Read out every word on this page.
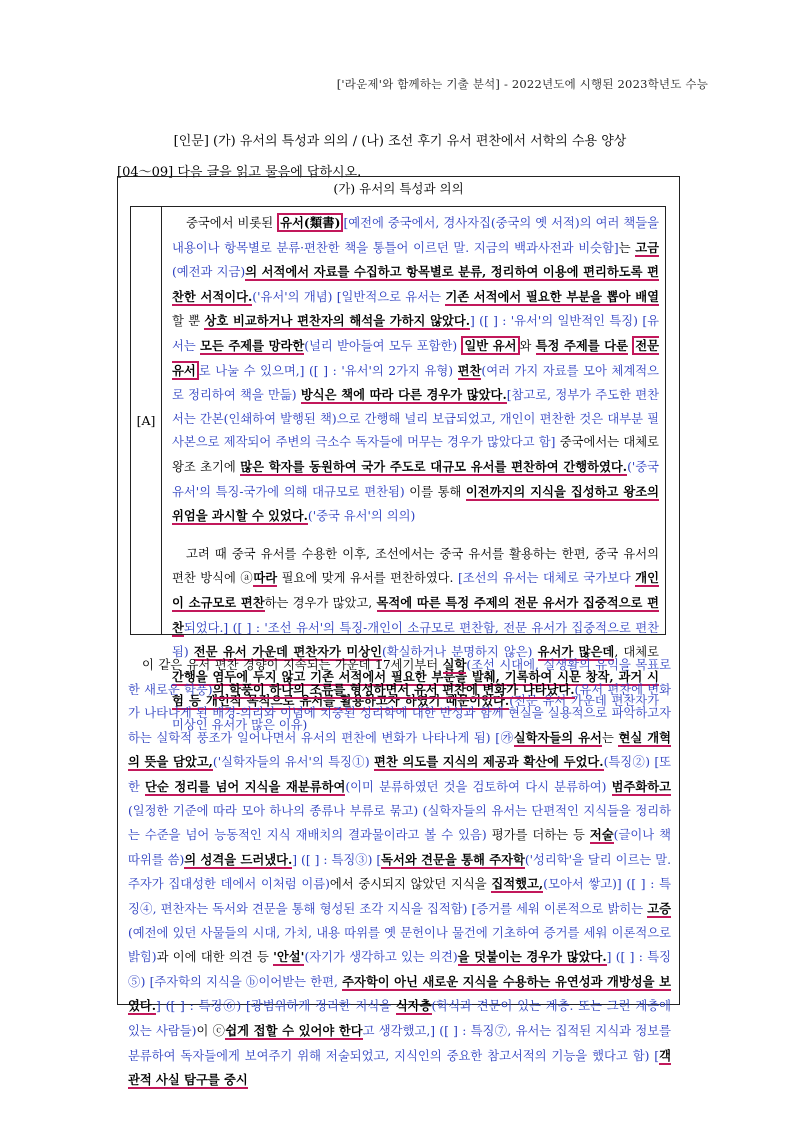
['라운제'와 함께하는 기출 분석] - 2022년도에 시행된 2023학년도 수능
[인문] (가) 유서의 특성과 의의 / (나) 조선 후기 유서 편찬에서 서학의 수용 양상
[04～09] 다음 글을 읽고 물음에 답하시오.
(가) 유서의 특성과 의의
[A]

중국에서 비롯된 유서(類書) [예전에 중국에서, 경사자집(중국의 옛 서적)의 여러 책들을 내용이나 항목별로 분류·편찬한 책을 통틀어 이르던 말. 지금의 백과사전과 비슷함]는 고금(예전과 지금)의 서적에서 자료를 수집하고 항목별로 분류, 정리하여 이용에 편리하도록 편찬한 서적이다.('유서'의 개념) [일반적으로 유서는 기존 서적에서 필요한 부분을 뽑아 배열할 뿐 상호 비교하거나 편찬자의 해석을 가하지 않았다.] ([ ] : '유서'의 일반적인 특징) [유서는 모든 주제를 망라한(널리 받아들여 모두 포함한) 일반 유서 와 특정 주제를 다룬 전문 유서 로 나눌 수 있으며,] ([ ] : '유서'의 2가지 유형) 편찬(여러 가지 자료를 모아 체계적으로 정리하여 책을 만듦) 방식은 책에 따라 다른 경우가 많았다.[참고로, 정부가 주도한 편찬서는 간본(인쇄하여 발행된 책)으로 간행해 널리 보급되었고, 개인이 편찬한 것은 대부분 필사본으로 제작되어 주변의 극소수 독자들에 머무는 경우가 많았다고 함] 중국에서는 대체로 왕조 초기에 많은 학자를 동원하여 국가 주도로 대규모 유서를 편찬하여 간행하였다.('중국 유서'의 특징-국가에 의해 대규모로 편찬됨) 이를 통해 이전까지의 지식을 집성하고 왕조의 위엄을 과시할 수 있었다.('중국 유서'의 의의)

고려 때 중국 유서를 수용한 이후, 조선에서는 중국 유서를 활용하는 한편, 중국 유서의 편찬 방식에 ⓐ따라 필요에 맞게 유서를 편찬하였다. [조선의 유서는 대체로 국가보다 개인이 소규모로 편찬하는 경우가 많았고, 목적에 따른 특정 주제의 전문 유서가 집중적으로 편찬되었다.] ([ ] : '조선 유서'의 특징-개인이 소규모로 편찬함, 전문 유서가 집중적으로 편찬됨) 전문 유서 가운데 편찬자가 미상인(확실하거나 분명하지 않은) 유서가 많은데, 대체로 간행을 염두에 두지 않고 기존 서적에서 필요한 부분을 발췌, 기록하여 시문 창작, 과거 시험 등 개인적 목적으로 유서를 활용하고자 하였기 때문이었다.(전문 유서 가운데 편찬자가 미상인 유서가 많은 이유)

이 같은 유서 편찬 경향이 지속되는 가운데 17세기부터 실학(조선 시대에, 실생활의 유익을 목표로 한 새로운 학풍)의 학풍이 하나의 조류를 형성하면서 유서 편찬에 변화가 나타났다.(유서 편찬에 변화가 나타나게 된 배경-의리와 이념에 치중된 성리학에 대한 반성과 함께 현실을 실용적으로 파악하고자 하는 실학적 풍조가 일어나면서 유서의 편찬에 변화가 나타나게 됨) [㉮실학자들의 유서는 현실 개혁의 뜻을 담았고,('실학자들의 유서'의 특징①) 편찬 의도를 지식의 제공과 확산에 두었다.(특징②) [또한 단순 정리를 넘어 지식을 재분류하여(이미 분류하였던 것을 검토하여 다시 분류하여) 범주화하고(일정한 기준에 따라 모아 하나의 종류나 부류로 묶고) (실학자들의 유서는 단편적인 지식들을 정리하는 수준을 넘어 능동적인 지식 재배치의 결과물이라고 볼 수 있음) 평가를 더하는 등 저술(글이나 책 따위를 씀)의 성격을 드러냈다.] ([ ] : 특징③) [독서와 견문을 통해 주자학('성리학'을 달리 이르는 말. 주자가 집대성한 데에서 이처럼 이름)에서 중시되지 않았던 지식을 집적했고,(모아서 쌓고)] ([ ] : 특징④, 편찬자는 독서와 견문을 통해 형성된 조각 지식을 집적함) [증거를 세워 이론적으로 밝히는 고증(예전에 있던 사물들의 시대, 가치, 내용 따위를 옛 문헌이나 물건에 기초하여 증거를 세워 이론적으로 밝힘)과 이에 대한 의견 등 '안설'(자기가 생각하고 있는 의견)을 덧붙이는 경우가 많았다.] ([ ] : 특징⑤) [주자학의 지식을 ⓑ이어받는 한편, 주자학이 아닌 새로운 지식을 수용하는 유연성과 개방성을 보였다.] ([ ] : 특징⑥) [광범위하게 정리한 지식을 식자층(학식과 견문이 있는 계층. 또는 그런 계층에 있는 사람들)이 ⓒ쉽게 접할 수 있어야 한다고 생각했고,] ([ ] : 특징⑦, 유서는 집적된 지식과 정보를 분류하여 독자들에게 보여주기 위해 저술되었고, 지식인의 중요한 참고서적의 기능을 했다고 함) [객관적 사실 탐구를 중시
